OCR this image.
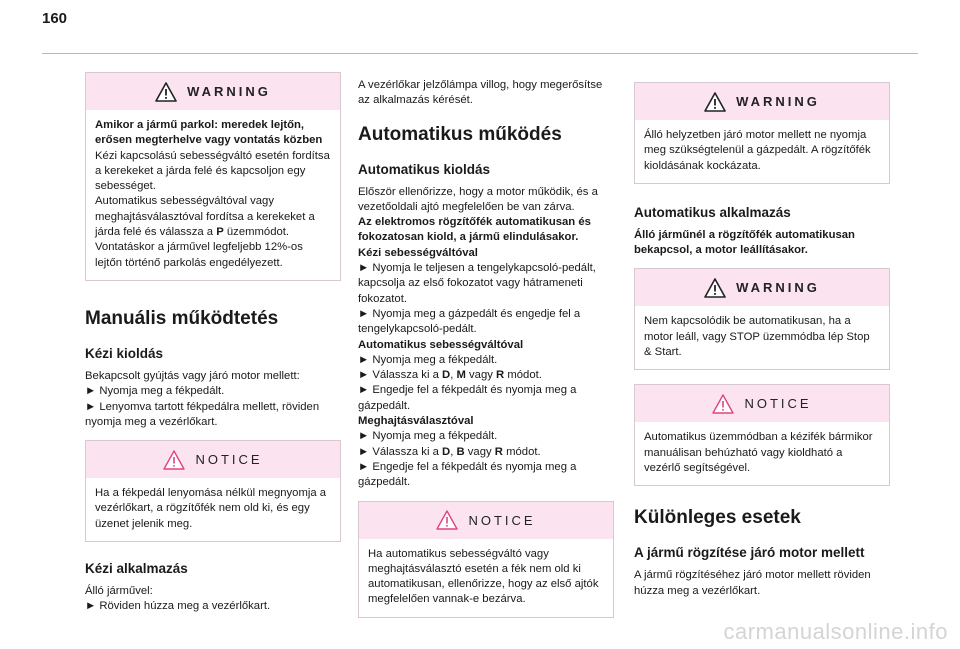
160
WARNING

Amikor a jármű parkol: meredek lejtőn, erősen megterhelve vagy vontatás közben

Kézi kapcsolású sebességváltó esetén fordítsa a kerekeket a járda felé és kapcsoljon egy sebességet.

Automatikus sebességváltóval vagy meghajtásválasztóval fordítsa a kerekeket a járda felé és válassza a P üzemmódot.

Vontatáskor a járművel legfeljebb 12%-os lejtőn történő parkolás engedélyezett.

Manuális működtetés
Kézi kioldás

Bekapcsolt gyújtás vagy járó motor mellett:
► Nyomja meg a fékpedált.
► Lenyomva tartott fékpedálra mellett, röviden nyomja meg a vezérlőkart.

NOTICE

Ha a fékpedál lenyomása nélkül megnyomja a vezérlőkart, a rögzítőfék nem old ki, és egy üzenet jelenik meg.

Kézi alkalmazás

Álló járművel:
► Röviden húzza meg a vezérlőkart.

A vezérlőkar jelzőlámpa villog, hogy megerősítse az alkalmazás kérését.

Automatikus működés
Automatikus kioldás

Először ellenőrizze, hogy a motor működik, és a vezetőoldali ajtó megfelelően be van zárva.

Az elektromos rögzítőfék automatikusan és fokozatosan kiold, a jármű elindulásakor.

Kézi sebességváltóval

► Nyomja le teljesen a tengelykapcsoló-pedált, kapcsolja az első fokozatot vagy hátrameneti fokozatot.
► Nyomja meg a gázpedált és engedje fel a tengelykapcsoló-pedált.

Automatikus sebességváltóval

► Nyomja meg a fékpedált.
► Válassza ki a D, M vagy R módot.
► Engedje fel a fékpedált és nyomja meg a gázpedált.

Meghajtásválasztóval

► Nyomja meg a fékpedált.
► Válassza ki a D, B vagy R módot.
► Engedje fel a fékpedált és nyomja meg a gázpedált.

NOTICE

Ha automatikus sebességváltó vagy meghajtásválasztó esetén a fék nem old ki automatikusan, ellenőrizze, hogy az első ajtók megfelelően vannak-e bezárva.

WARNING

Álló helyzetben járó motor mellett ne nyomja meg szükségtelenül a gázpedált. A rögzítőfék kioldásának kockázata.

Automatikus alkalmazás

Álló járműnél a rögzítőfék automatikusan bekapcsol, a motor leállításakor.

WARNING

Nem kapcsolódik be automatikusan, ha a motor leáll, vagy STOP üzemmódba lép Stop & Start.

NOTICE

Automatikus üzemmódban a kézifék bármikor manuálisan behúzható vagy kioldható a vezérlő segítségével.

Különleges esetek
A jármű rögzítése járó motor mellett

A jármű rögzítéséhez járó motor mellett röviden húzza meg a vezérlőkart.

carmanualsonline.info
